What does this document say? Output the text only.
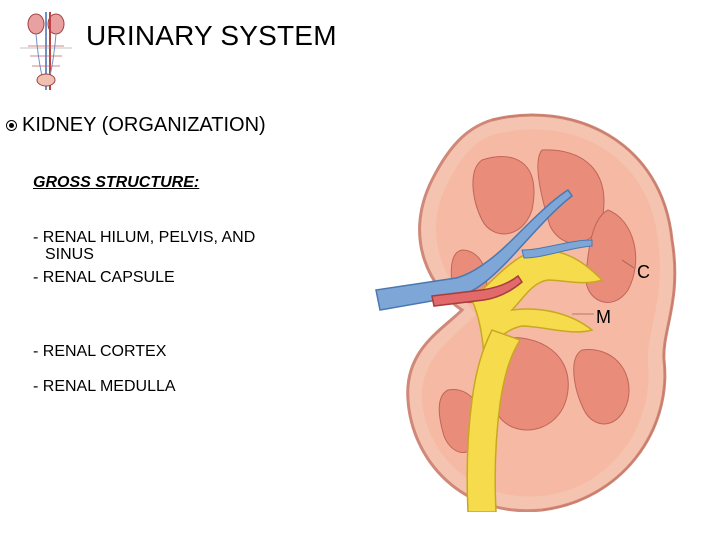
URINARY SYSTEM
KIDNEY (ORGANIZATION)
GROSS STRUCTURE:
- RENAL HILUM, PELVIS, AND
SINUS
- RENAL CAPSULE
- RENAL CORTEX
- RENAL MEDULLA
C
M
